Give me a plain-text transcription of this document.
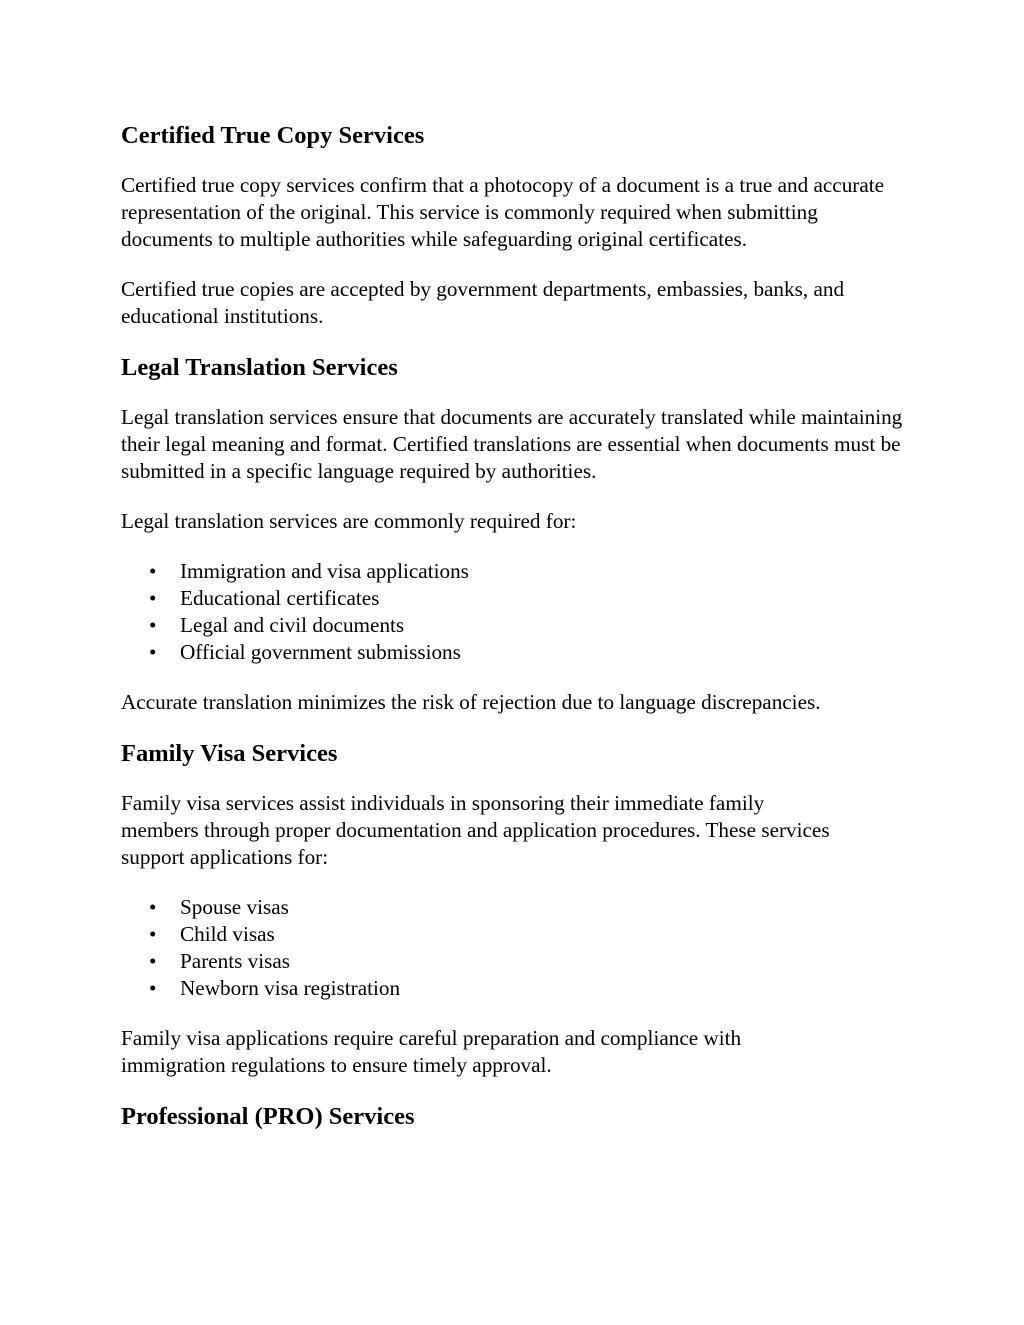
Certified True Copy Services

Certified true copy services confirm that a photocopy of a document is a true and accurate representation of the original. This service is commonly required when submitting documents to multiple authorities while safeguarding original certificates.

Certified true copies are accepted by government departments, embassies, banks, and educational institutions.

Legal Translation Services

Legal translation services ensure that documents are accurately translated while maintaining their legal meaning and format. Certified translations are essential when documents must be submitted in a specific language required by authorities.

Legal translation services are commonly required for:

• Immigration and visa applications
• Educational certificates
• Legal and civil documents
• Official government submissions

Accurate translation minimizes the risk of rejection due to language discrepancies.

Family Visa Services

Family visa services assist individuals in sponsoring their immediate family members through proper documentation and application procedures. These services support applications for:

• Spouse visas
• Child visas
• Parents visas
• Newborn visa registration

Family visa applications require careful preparation and compliance with immigration regulations to ensure timely approval.

Professional (PRO) Services
